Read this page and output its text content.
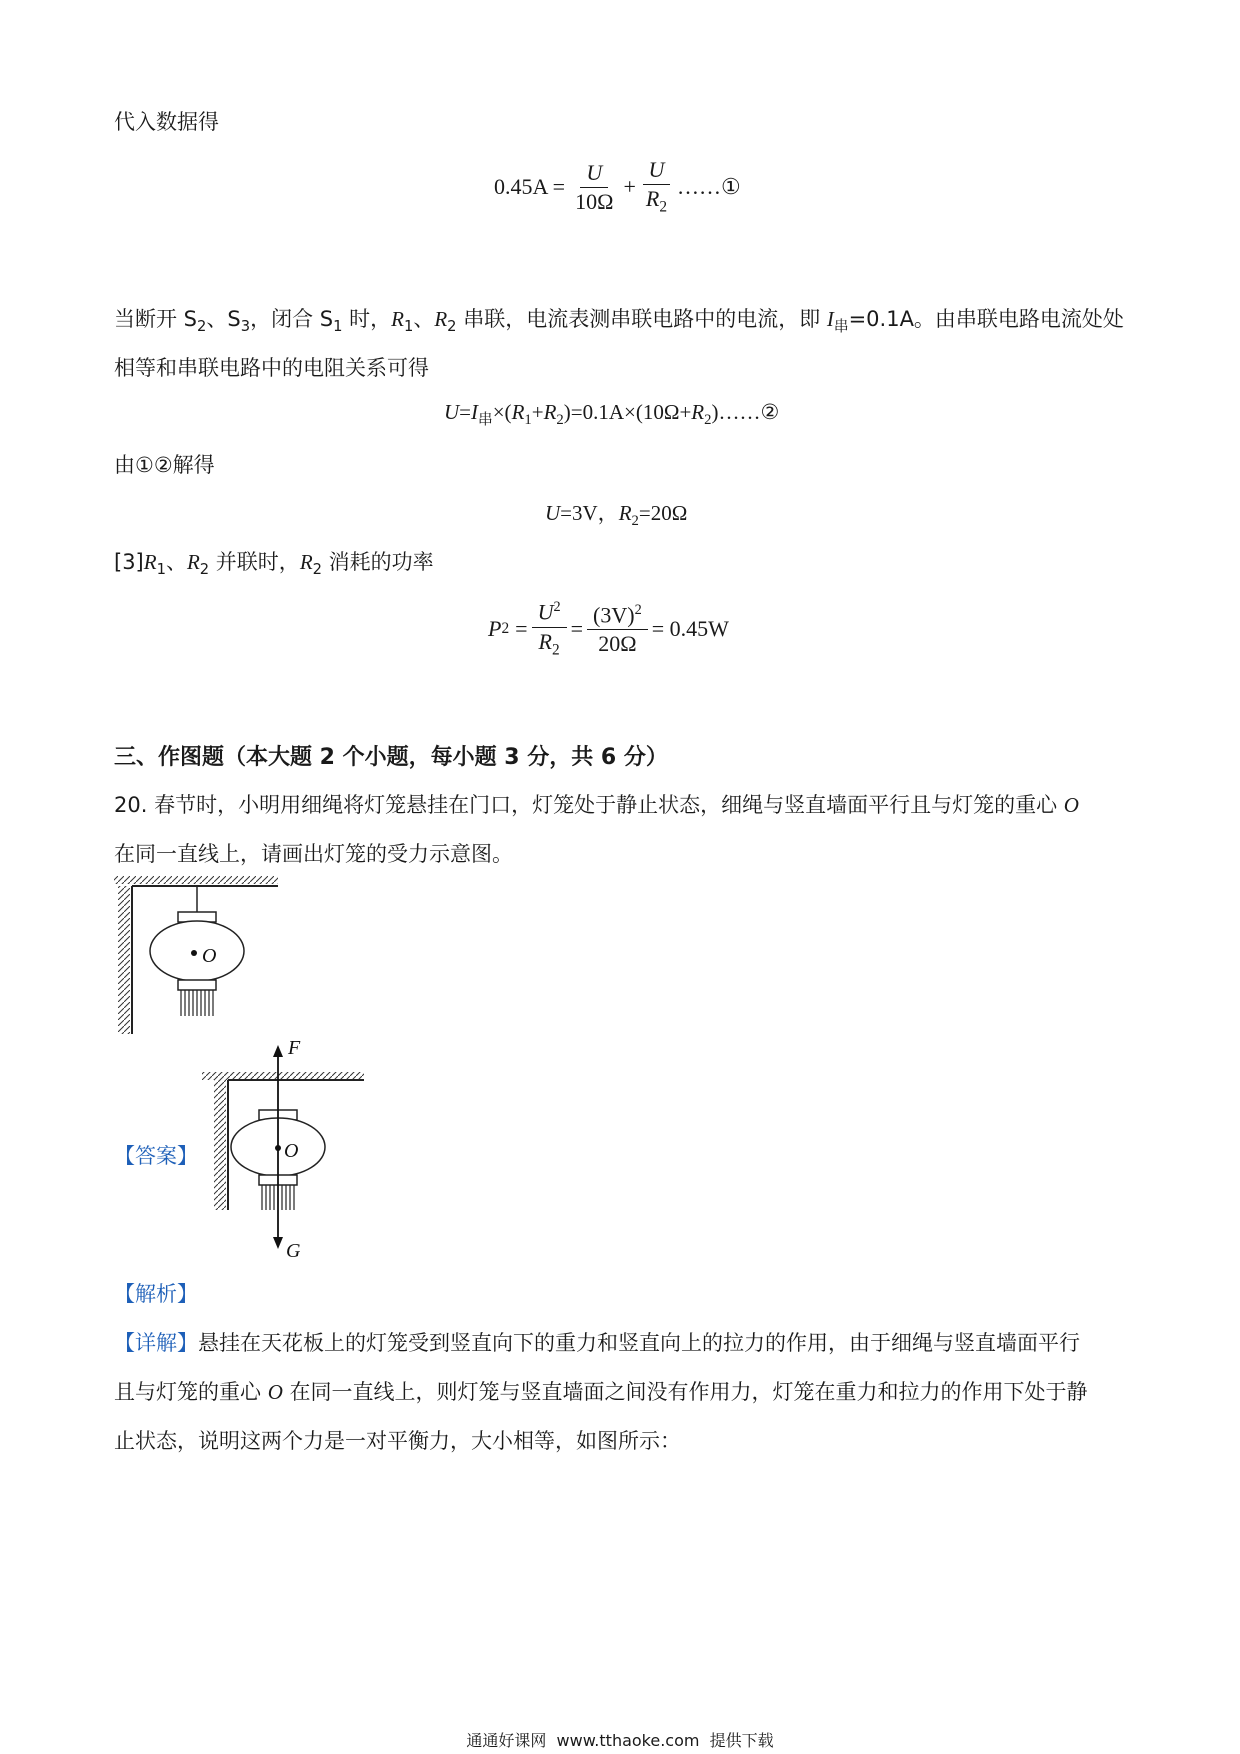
代入数据得
$0.45A = \frac{U}{10\Omega} + \frac{U}{R_2}$ ……①
当断开 $S_2$、$S_3$，闭合 $S_1$ 时，$R_1$、$R_2$ 串联，电流表测串联电路中的电流，即 $I_串=0.1A$。由串联电路电流处处
相等和串联电路中的电阻关系可得
$U=I_串\times(R_1+R_2)=0.1A\times(10\Omega+R_2)\dots\dots ②$
由①②解得
U=3V，$R_2=20\Omega$
$[3]R_1$、$R_2$ 并联时，$R_2$ 消耗的功率
P $2 = \frac{U^2}{R_2} = \frac{(3V)^2}{20\Omega} = 0.45W$
三、作图题（本大题 2 个小题，每小题 3 分，共 6 分）
20. 春节时，小明用细绳将灯笼悬挂在门口，灯笼处于静止状态，细绳与竖直墙面平行且与灯笼的重心 O
在同一直线上，请画出灯笼的受力示意图。
O
【答案】
F
O
G
【解析】
【详解】悬挂在天花板上的灯笼受到竖直向下的重力和竖直向上的拉力的作用，由于细绳与竖直墙面平行
且与灯笼的重心 O 在同一直线上，则灯笼与竖直墙面之间没有作用力，灯笼在重力和拉力的作用下处于静
止状态，说明这两个力是一对平衡力，大小相等，如图所示：
通通好课网  www.tthaoke.com  提供下载
